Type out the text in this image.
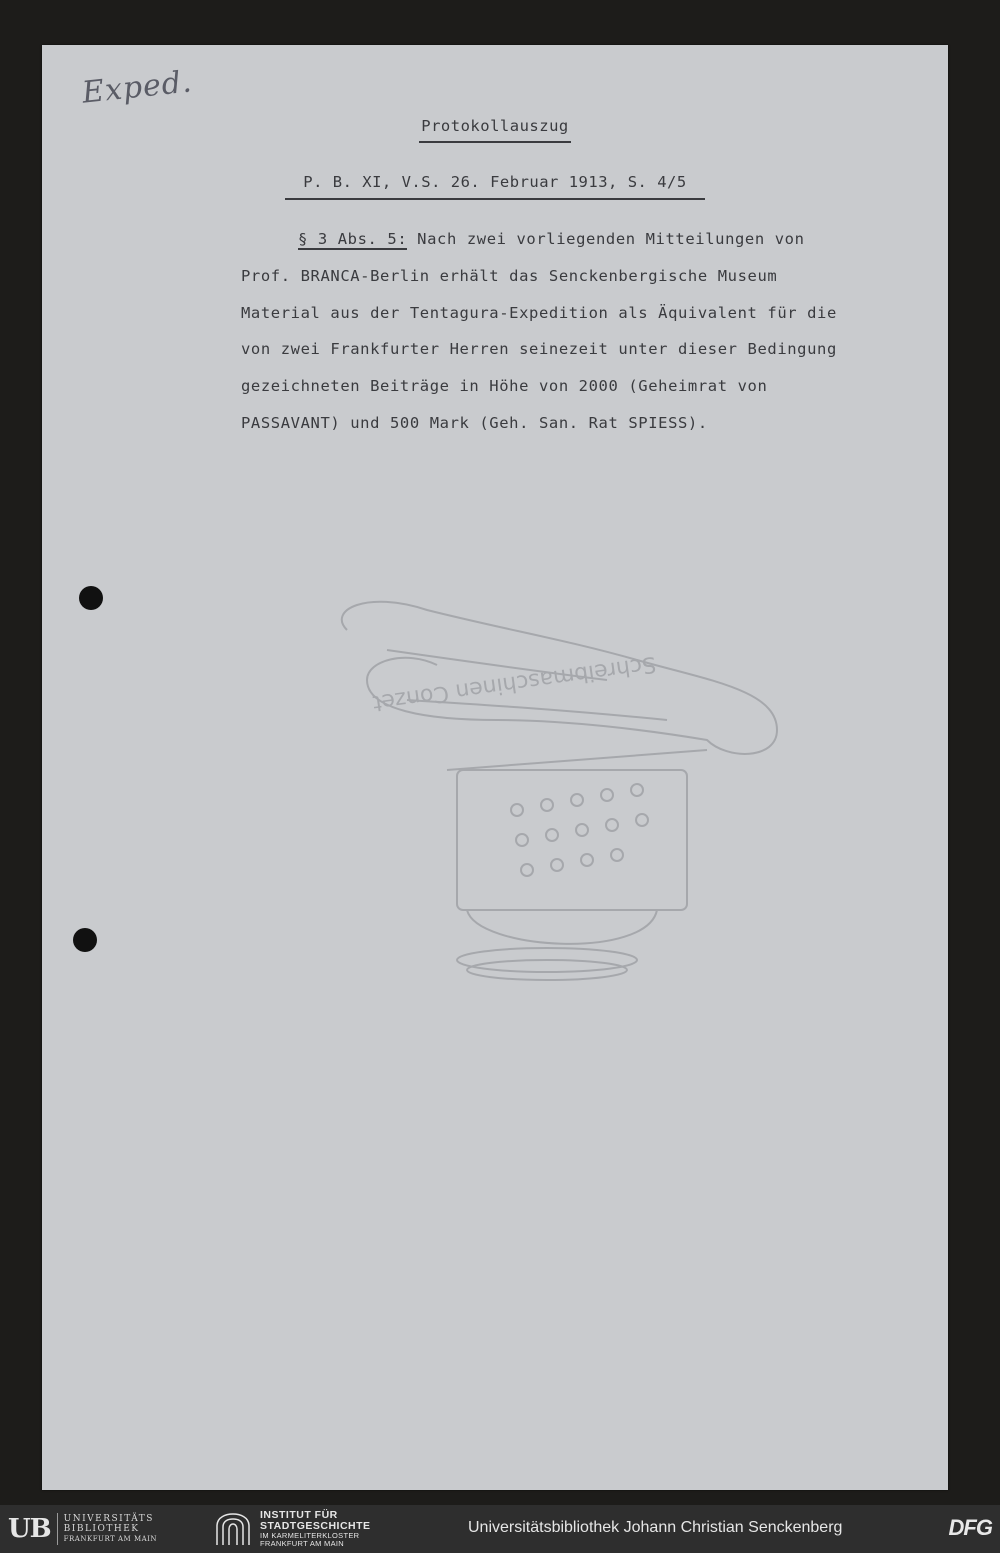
Exped.
Protokollauszug
P. B. XI, V.S. 26. Februar 1913, S. 4/5
§ 3 Abs. 5: Nach zwei vorliegenden Mitteilungen von
Prof. BRANCA-Berlin erhält das Senckenbergische Museum
Material aus der Tentagura-Expedition als Äquivalent für die
von zwei Frankfurter Herren seinezeit unter dieser Bedingung
gezeichneten Beiträge in Höhe von 2000 (Geheimrat von
PASSAVANT) und 500 Mark (Geh. San. Rat SPIESS).
Schreibmaschinen Conzet
UB UNIVERSITÄTS
BIBLIOTHEK
FRANKFURT AM MAIN
INSTITUT FÜR
STADTGESCHICHTE
IM KARMELITERKLOSTER
FRANKFURT AM MAIN
Universitätsbibliothek Johann Christian Senckenberg	DFG
